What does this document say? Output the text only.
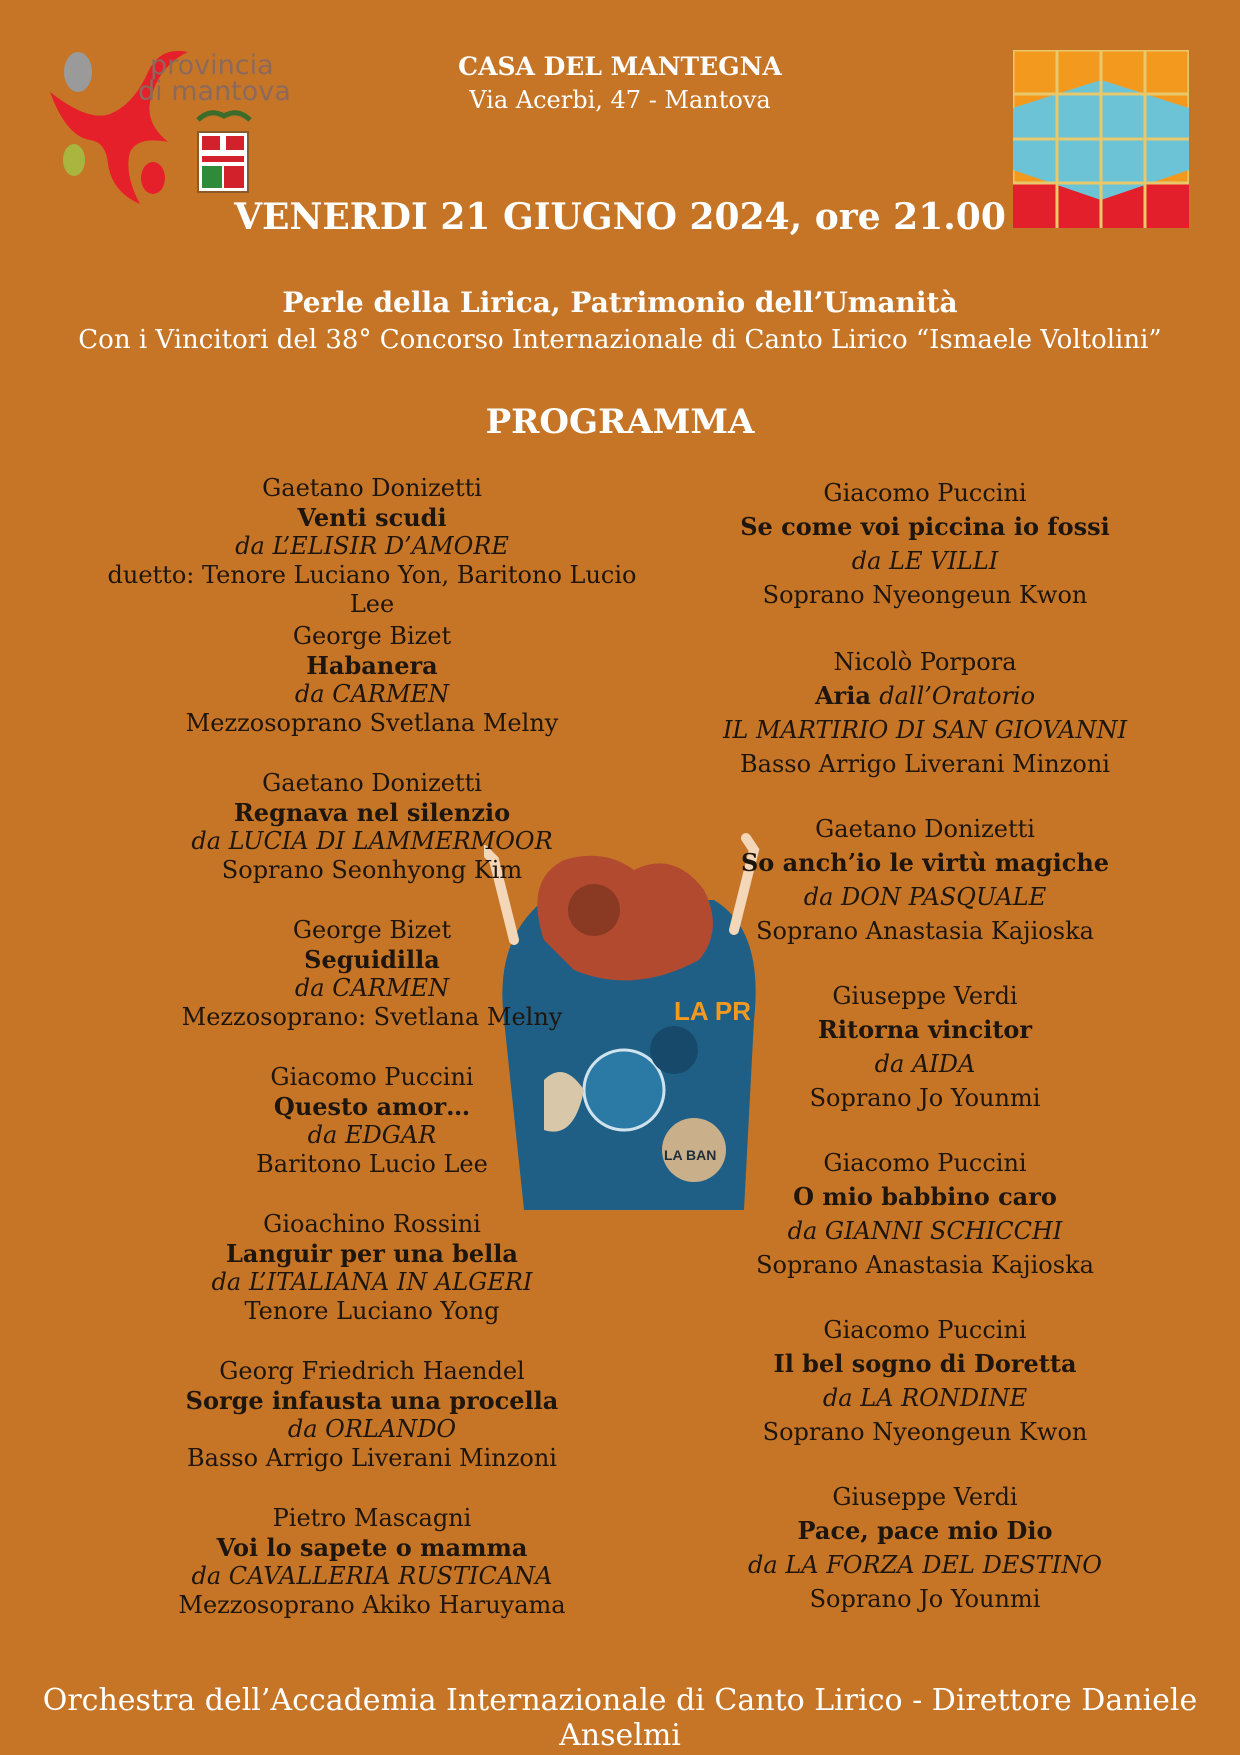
provincia
di mantova
CASA DEL MANTEGNA
Via Acerbi, 47 - Mantova
VENERDI 21 GIUGNO 2024, ore 21.00
Perle della Lirica, Patrimonio dell’Umanità
Con i Vincitori del 38° Concorso Internazionale di Canto Lirico “Ismaele Voltolini”
PROGRAMMA
LA PR
LA BAN
Gaetano Donizetti
Venti scudi
da L’ELISIR D’AMORE
duetto: Tenore Luciano Yon, Baritono Lucio Lee
George Bizet
Habanera
da CARMEN
Mezzosoprano Svetlana Melny
Gaetano Donizetti
Regnava nel silenzio
da LUCIA DI LAMMERMOOR
Soprano Seonhyong Kim
George Bizet
Seguidilla
da CARMEN
Mezzosoprano: Svetlana Melny
Giacomo Puccini
Questo amor…
da EDGAR
Baritono Lucio Lee
Gioachino Rossini
Languir per una bella
da L’ITALIANA IN ALGERI
Tenore Luciano Yong
Georg Friedrich Haendel
Sorge infausta una procella
da ORLANDO
Basso Arrigo Liverani Minzoni
Pietro Mascagni
Voi lo sapete o mamma
da CAVALLERIA RUSTICANA
Mezzosoprano Akiko Haruyama
Giacomo Puccini
Se come voi piccina io fossi
da LE VILLI
Soprano Nyeongeun Kwon
Nicolò Porpora
Aria dall’Oratorio
IL MARTIRIO DI SAN GIOVANNI
Basso Arrigo Liverani Minzoni
Gaetano Donizetti
So anch’io le virtù magiche
da DON PASQUALE
Soprano Anastasia Kajioska
Giuseppe Verdi
Ritorna vincitor
da AIDA
Soprano Jo Younmi
Giacomo Puccini
O mio babbino caro
da GIANNI SCHICCHI
Soprano Anastasia Kajioska
Giacomo Puccini
Il bel sogno di Doretta
da LA RONDINE
Soprano Nyeongeun Kwon
Giuseppe Verdi
Pace, pace mio Dio
da LA FORZA DEL DESTINO
Soprano Jo Younmi
Orchestra dell’Accademia Internazionale di Canto Lirico - Direttore Daniele Anselmi
